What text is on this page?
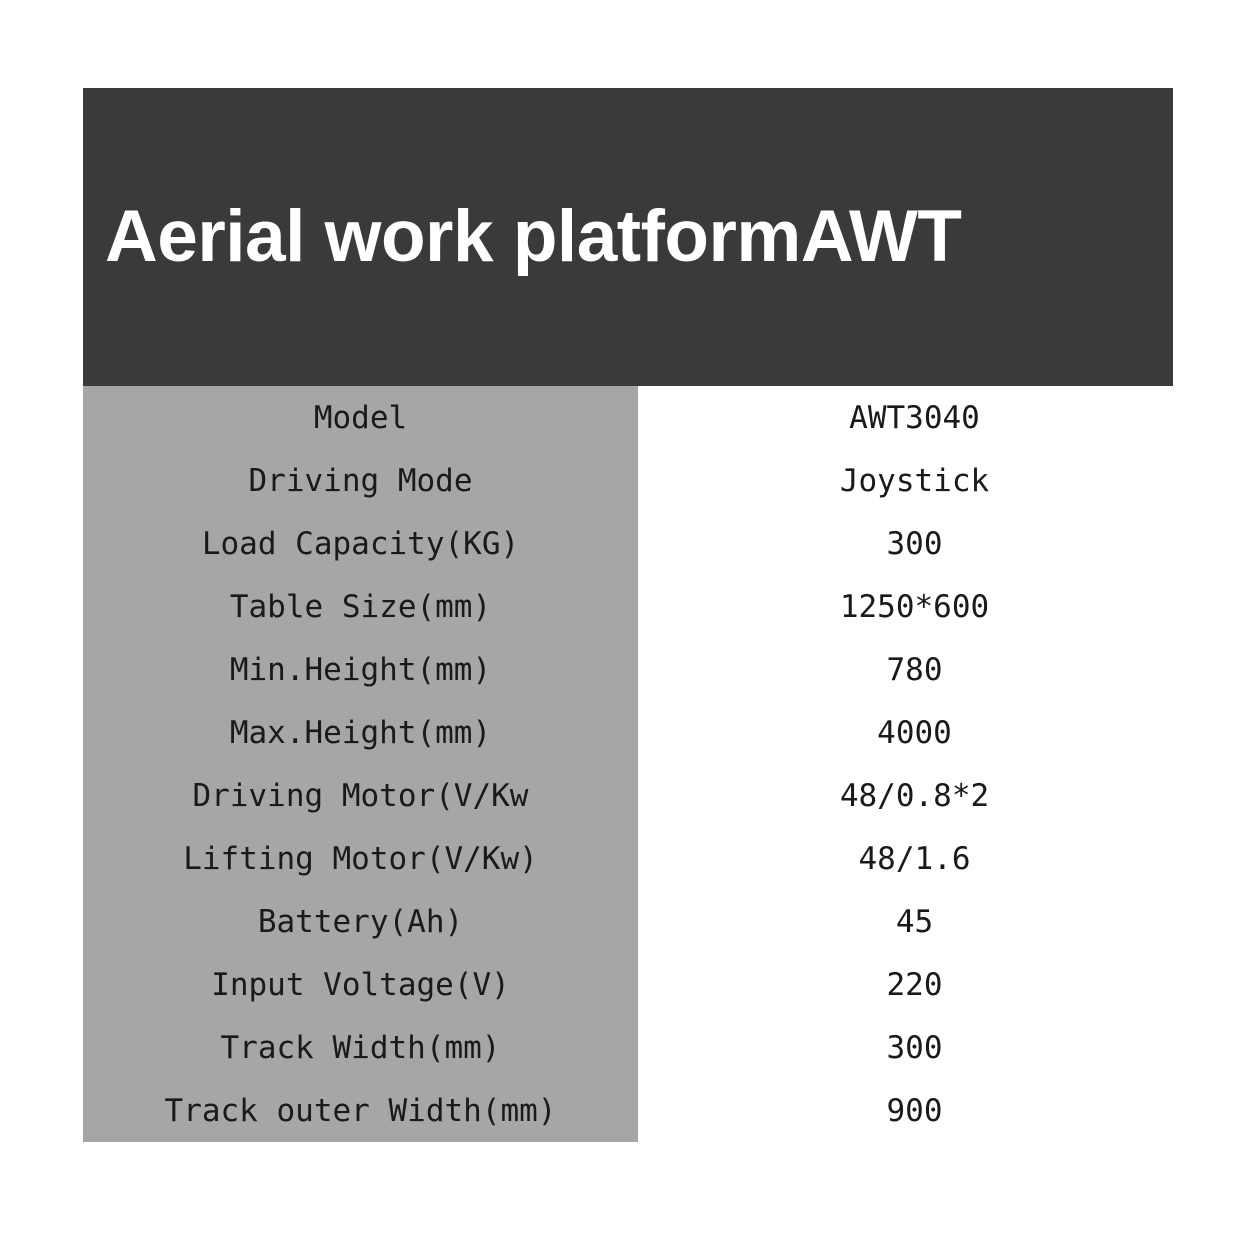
Aerial work platformAWT
Model	AWT3040
Driving Mode	Joystick
Load Capacity(KG)	300
Table Size(mm)	1250*600
Min.Height(mm)	780
Max.Height(mm)	4000
Driving Motor(V/Kw	48/0.8*2
Lifting Motor(V/Kw)	48/1.6
Battery(Ah)	45
Input Voltage(V)	220
Track Width(mm)	300
Track outer Width(mm)	900
